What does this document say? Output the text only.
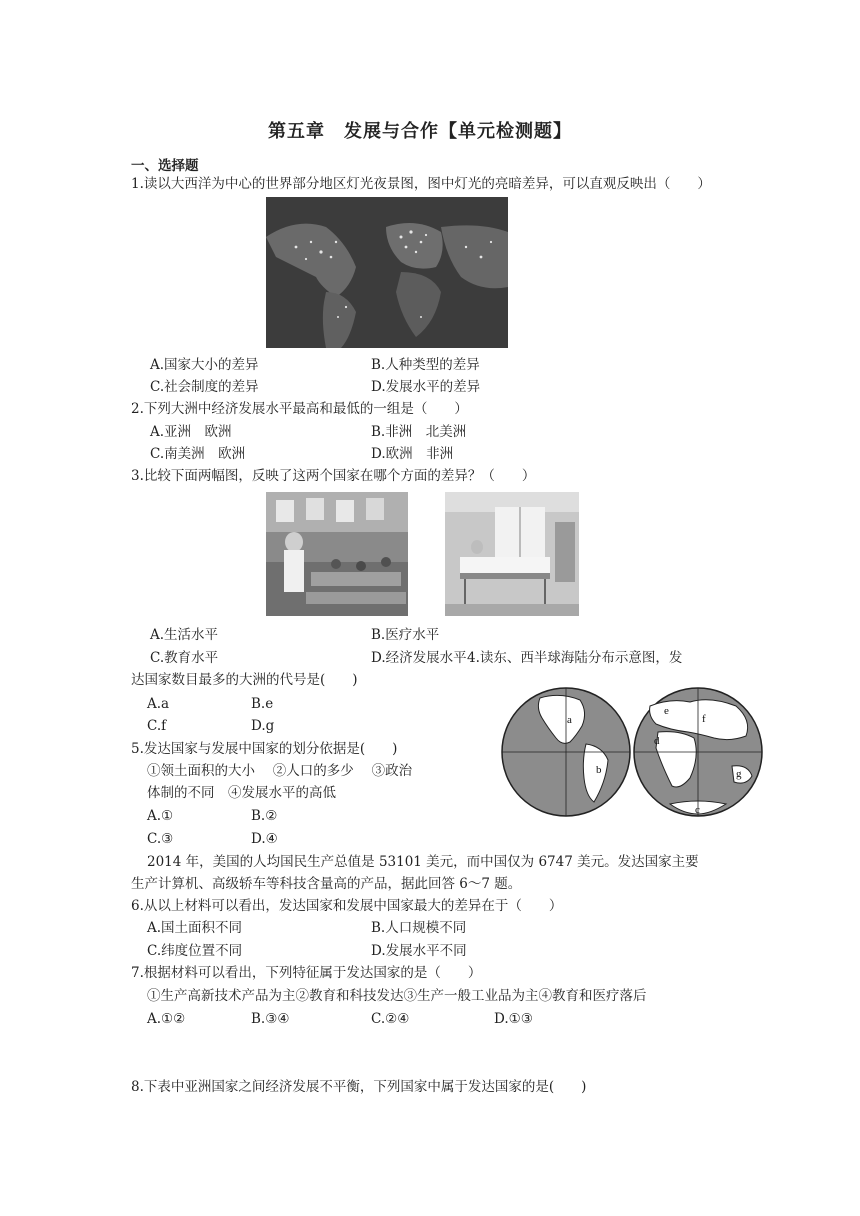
第五章　发展与合作【单元检测题】
一、选择题
1.读以大西洋为中心的世界部分地区灯光夜景图，图中灯光的亮暗差异，可以直观反映出（　　）
A.国家大小的差异	B.人种类型的差异
C.社会制度的差异	D.发展水平的差异
2.下列大洲中经济发展水平最高和最低的一组是（　　）
A.亚洲　欧洲	B.非洲　北美洲
C.南美洲　欧洲	D.欧洲　非洲
3.比较下面两幅图，反映了这两个国家在哪个方面的差异？（　　）
A.生活水平	B.医疗水平
C.教育水平	D.经济发展水平 4.读东、西半球海陆分布示意图，发
达国家数目最多的大洲的代号是(　　)
A.a	B.e
C.f	D.g	a
b
c
d
e
f
g
5.发达国家与发展中国家的划分依据是(　　)
①领土面积的大小　 ②人口的多少　 ③政治
体制的不同　④发展水平的高低
A.①	B.②
C.③	D.④
2014 年，美国的人均国民生产总值是 53101 美元，而中国仅为 6747 美元。发达国家主要
生产计算机、高级轿车等科技含量高的产品，据此回答 6～7 题。
6.从以上材料可以看出，发达国家和发展中国家最大的差异在于（　　）
A.国土面积不同	B.人口规模不同
C.纬度位置不同	D.发展水平不同
7.根据材料可以看出，下列特征属于发达国家的是（　　）
①生产高新技术产品为主②教育和科技发达③生产一般工业品为主④教育和医疗落后
A.①②	B.③④	C.②④	D.①③
8.下表中亚洲国家之间经济发展不平衡，下列国家中属于发达国家的是(　　)
